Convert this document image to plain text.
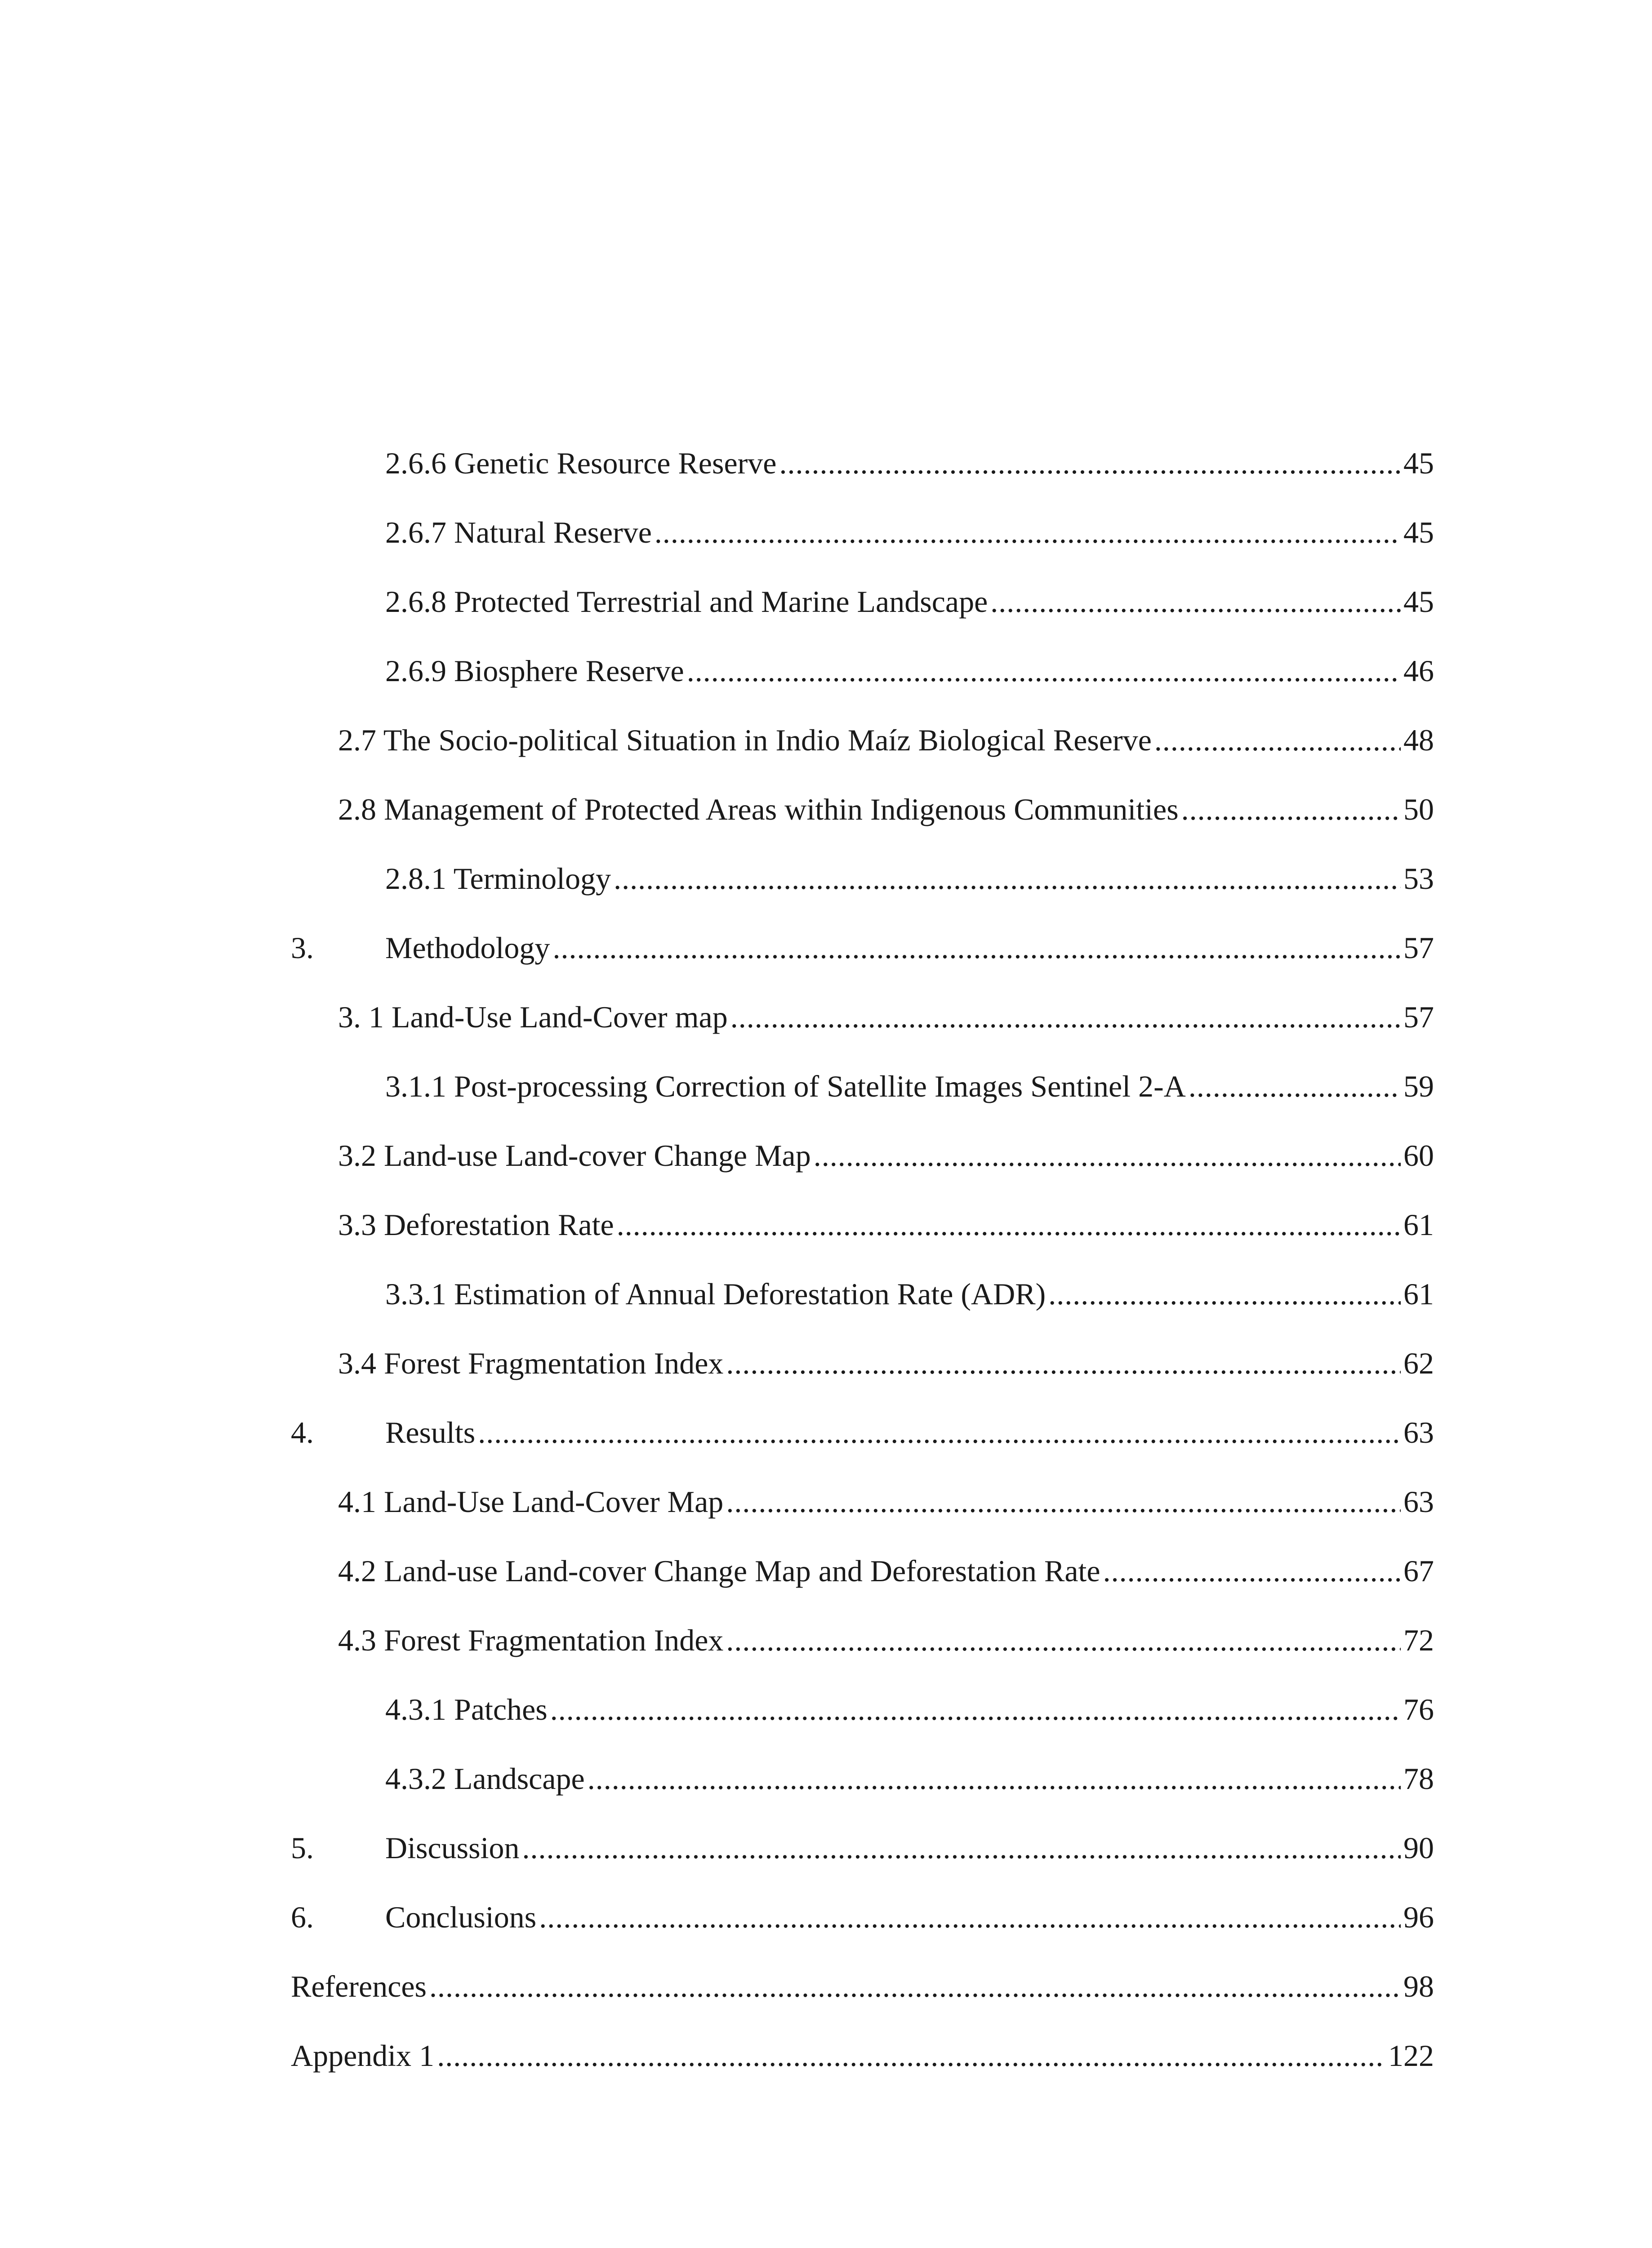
2.6.6 Genetic Resource Reserve .....	45
2.6.7 Natural Reserve .....	45
2.6.8 Protected Terrestrial and Marine Landscape .....	45
2.6.9 Biosphere Reserve .....	46
2.7 The Socio-political Situation in Indio Maíz Biological Reserve .....	48
2.8 Management of Protected Areas within Indigenous Communities .....	50
2.8.1 Terminology .....	53
3.	Methodology .....	57
3. 1 Land-Use Land-Cover map .....	57
3.1.1 Post-processing Correction of Satellite Images Sentinel 2-A .....	59
3.2 Land-use Land-cover Change Map .....	60
3.3 Deforestation Rate .....	61
3.3.1 Estimation of Annual Deforestation Rate (ADR) .....	61
3.4 Forest Fragmentation Index .....	62
4.	Results .....	63
4.1 Land-Use Land-Cover Map .....	63
4.2 Land-use Land-cover Change Map and Deforestation Rate .....	67
4.3 Forest Fragmentation Index .....	72
4.3.1 Patches .....	76
4.3.2 Landscape .....	78
5.	Discussion .....	90
6.	Conclusions .....	96
References .....	98
Appendix 1 .....	122
